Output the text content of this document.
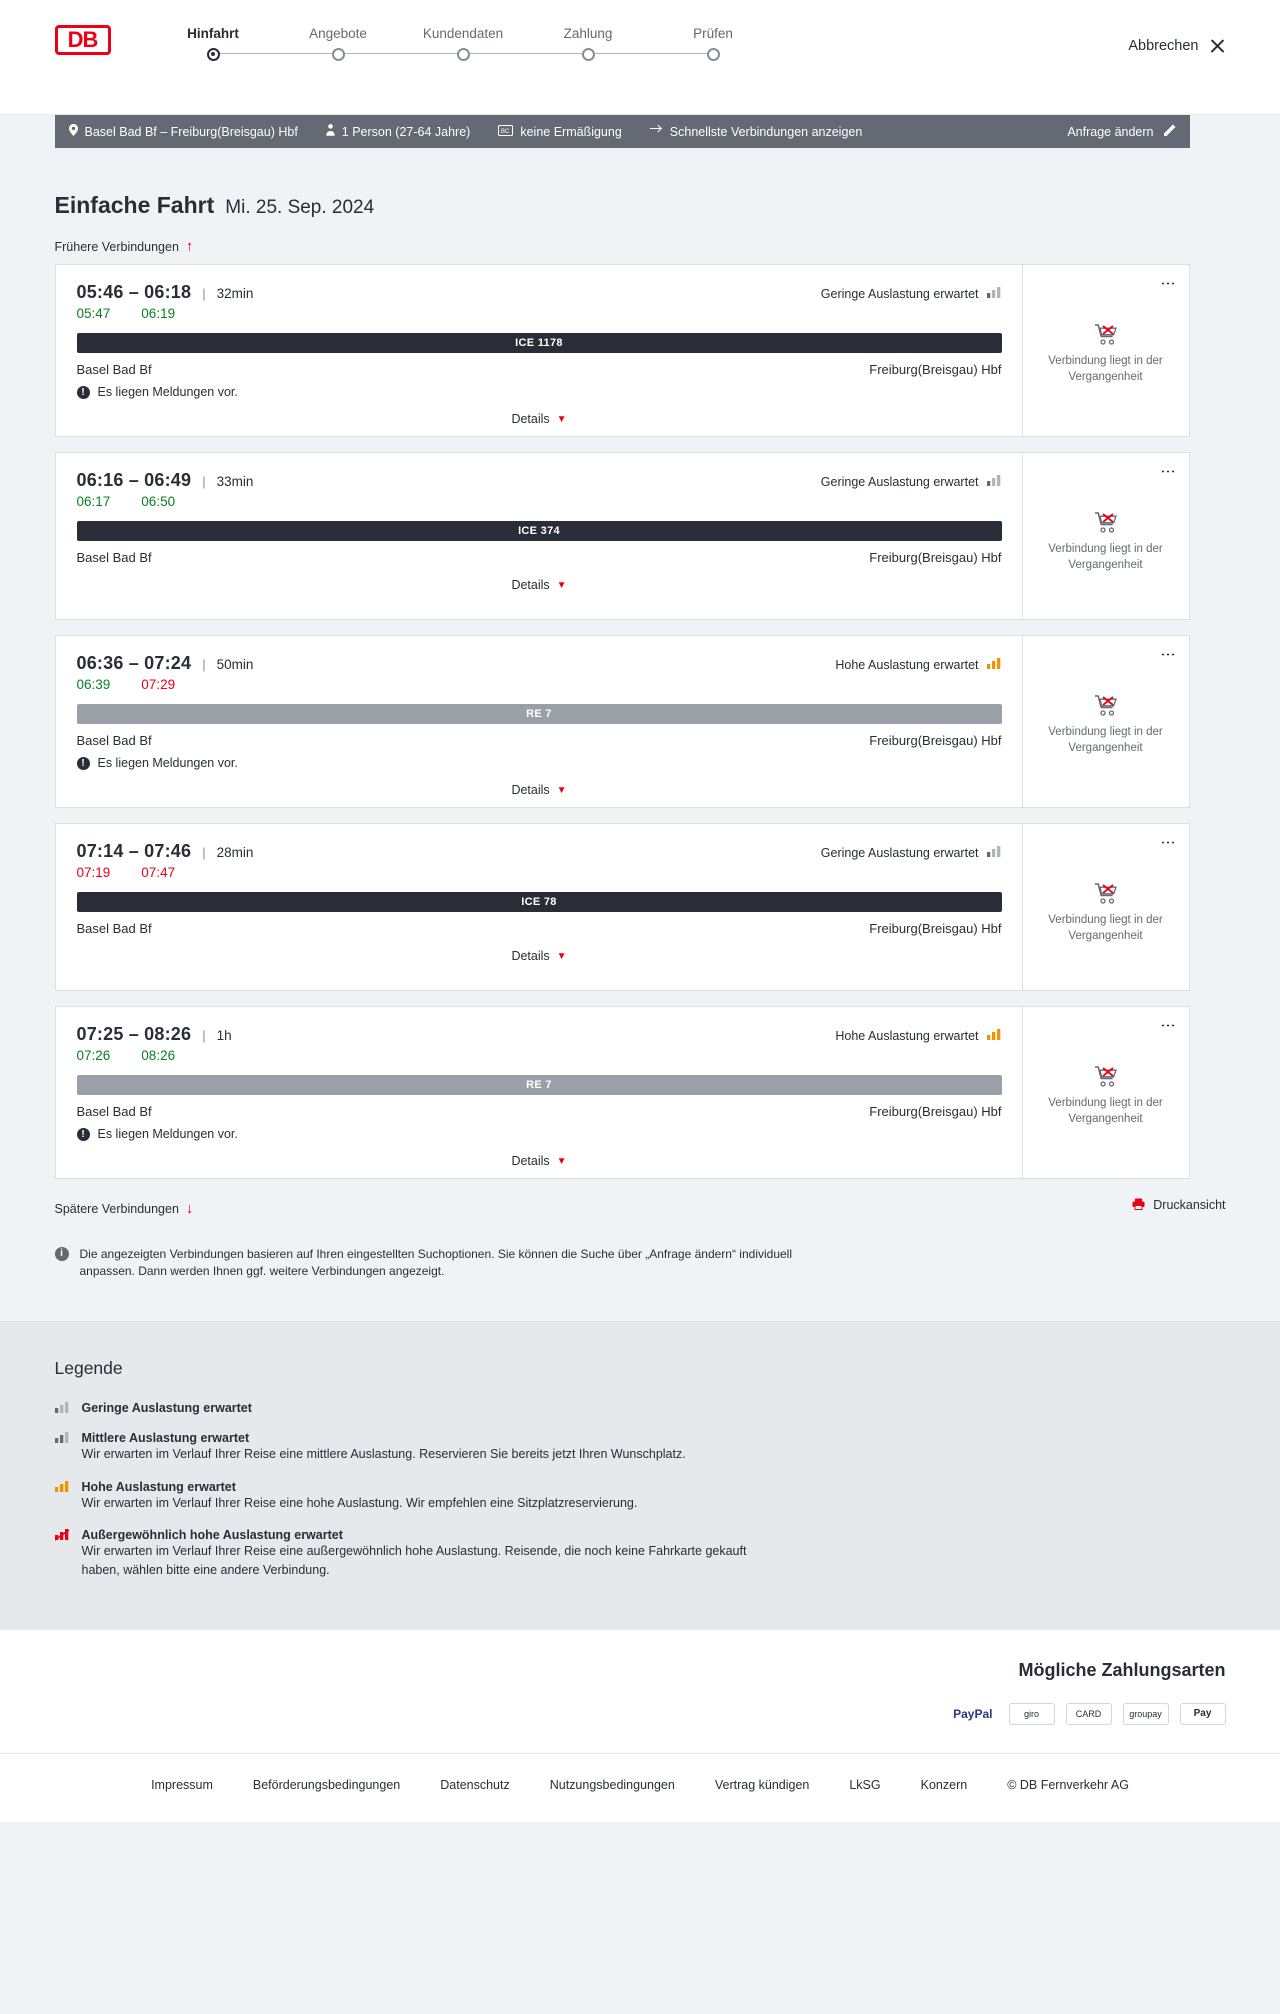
DB	Hinfahrt	Angebote	Kundendaten	Zahlung	Prüfen
Abbrechen
Basel Bad Bf – Freiburg(Breisgau) Hbf	1 Person (27-64 Jahre)	BC keine Ermäßigung	Schnellste Verbindungen anzeigen	Anfrage ändern
Einfache Fahrt Mi. 25. Sep. 2024
Frühere Verbindungen ↑
05:46 – 06:18 | 32min	Geringe Auslastung erwartet
05:47 06:19
ICE 1178
Basel Bad Bf	Freiburg(Breisgau) Hbf
!	Es liegen Meldungen vor.
Details ▼
⋮
Verbindung liegt in der Vergangenheit
06:16 – 06:49 | 33min	Geringe Auslastung erwartet
06:17 06:50
ICE 374
Basel Bad Bf	Freiburg(Breisgau) Hbf
Details ▼
⋮
Verbindung liegt in der Vergangenheit
06:36 – 07:24 | 50min	Hohe Auslastung erwartet
06:39 07:29
RE 7
Basel Bad Bf	Freiburg(Breisgau) Hbf
!	Es liegen Meldungen vor.
Details ▼
⋮
Verbindung liegt in der Vergangenheit
07:14 – 07:46 | 28min	Geringe Auslastung erwartet
07:19 07:47
ICE 78
Basel Bad Bf	Freiburg(Breisgau) Hbf
Details ▼
⋮
Verbindung liegt in der Vergangenheit
07:25 – 08:26 | 1h	Hohe Auslastung erwartet
07:26 08:26
RE 7
Basel Bad Bf	Freiburg(Breisgau) Hbf
!	Es liegen Meldungen vor.
Details ▼
⋮
Verbindung liegt in der Vergangenheit
Spätere Verbindungen ↓	Druckansicht
i	Die angezeigten Verbindungen basieren auf Ihren eingestellten Suchoptionen. Sie können die Suche über „Anfrage ändern“ individuell anpassen. Dann werden Ihnen ggf. weitere Verbindungen angezeigt.
Legende
Geringe Auslastung erwartet
Mittlere Auslastung erwartet
Wir erwarten im Verlauf Ihrer Reise eine mittlere Auslastung. Reservieren Sie bereits jetzt Ihren Wunschplatz.
Hohe Auslastung erwartet
Wir erwarten im Verlauf Ihrer Reise eine hohe Auslastung. Wir empfehlen eine Sitzplatzreservierung.
Außergewöhnlich hohe Auslastung erwartet
Wir erwarten im Verlauf Ihrer Reise eine außergewöhnlich hohe Auslastung. Reisende, die noch keine Fahrkarte gekauft haben, wählen bitte eine andere Verbindung.
Mögliche Zahlungsarten
PayPal	giro	CARD	groupay	Pay
Impressum	Beförderungsbedingungen	Datenschutz	Nutzungsbedingungen	Vertrag kündigen	LkSG	Konzern	© DB Fernverkehr AG
